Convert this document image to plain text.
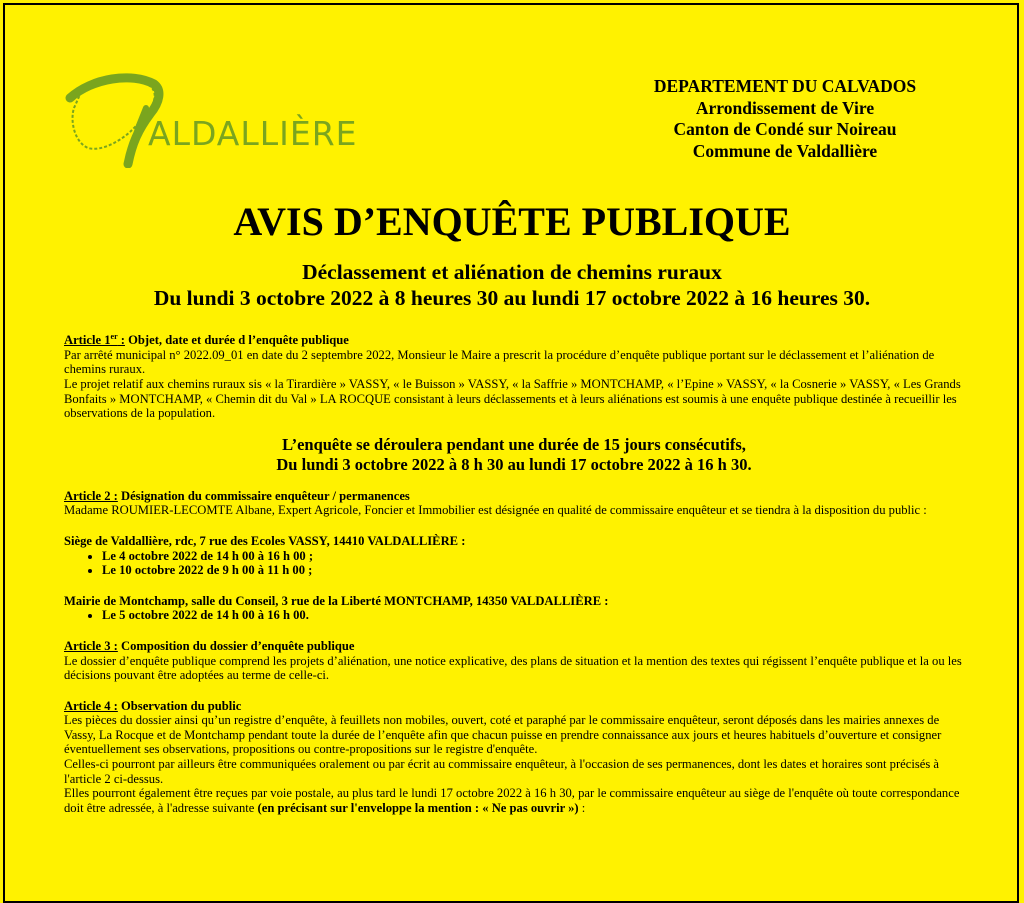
ALDALLIÈRE
DEPARTEMENT DU CALVADOS
Arrondissement de Vire
Canton de Condé sur Noireau
Commune de Valdallière
AVIS D’ENQUÊTE PUBLIQUE
Déclassement et aliénation de chemins ruraux
Du lundi 3 octobre 2022 à 8 heures 30 au lundi 17 octobre 2022 à 16 heures 30.

Article 1er : Objet, date et durée d l’enquête publique

Par arrêté municipal n° 2022.09_01 en date du 2 septembre 2022, Monsieur le Maire a prescrit la procédure d’enquête publique portant sur le déclassement et l’aliénation de chemins ruraux.

Le projet relatif aux chemins ruraux sis « la Tirardière » VASSY, « le Buisson » VASSY, « la Saffrie » MONTCHAMP, « l’Epine » VASSY, « la Cosnerie » VASSY, « Les Grands Bonfaits » MONTCHAMP, « Chemin dit du Val » LA ROCQUE consistant à leurs déclassements et à leurs aliénations est soumis à une enquête publique destinée à recueillir les observations de la population.

L’enquête se déroulera pendant une durée de 15 jours consécutifs,
Du lundi 3 octobre 2022 à 8 h 30 au lundi 17 octobre 2022 à 16 h 30.

Article 2 : Désignation du commissaire enquêteur / permanences

Madame ROUMIER-LECOMTE Albane, Expert Agricole, Foncier et Immobilier est désignée en qualité de commissaire enquêteur et se tiendra à la disposition du public :

Siège de Valdallière, rdc, 7 rue des Ecoles VASSY, 14410 VALDALLIÈRE :

• Le 4 octobre 2022 de 14 h 00 à 16 h 00 ;
• Le 10 octobre 2022 de 9 h 00 à 11 h 00 ;

Mairie de Montchamp, salle du Conseil, 3 rue de la Liberté MONTCHAMP, 14350 VALDALLIÈRE :

• Le 5 octobre 2022 de 14 h 00 à 16 h 00.

Article 3 : Composition du dossier d’enquête publique

Le dossier d’enquête publique comprend les projets d’aliénation, une notice explicative, des plans de situation et la mention des textes qui régissent l’enquête publique et la ou les décisions pouvant être adoptées au terme de celle-ci.

Article 4 : Observation du public

Les pièces du dossier ainsi qu’un registre d’enquête, à feuillets non mobiles, ouvert, coté et paraphé par le commissaire enquêteur, seront déposés dans les mairies annexes de Vassy, La Rocque et de Montchamp pendant toute la durée de l’enquête afin que chacun puisse en prendre connaissance aux jours et heures habituels d’ouverture et consigner éventuellement ses observations, propositions ou contre-propositions sur le registre d'enquête.

Celles-ci pourront par ailleurs être communiquées oralement ou par écrit au commissaire enquêteur, à l'occasion de ses permanences, dont les dates et horaires sont précisés à l'article 2 ci-dessus.

Elles pourront également être reçues par voie postale, au plus tard le lundi 17 octobre 2022 à 16 h 30, par le commissaire enquêteur au siège de l'enquête où toute correspondance doit être adressée, à l'adresse suivante (en précisant sur l'enveloppe la mention : « Ne pas ouvrir ») :
